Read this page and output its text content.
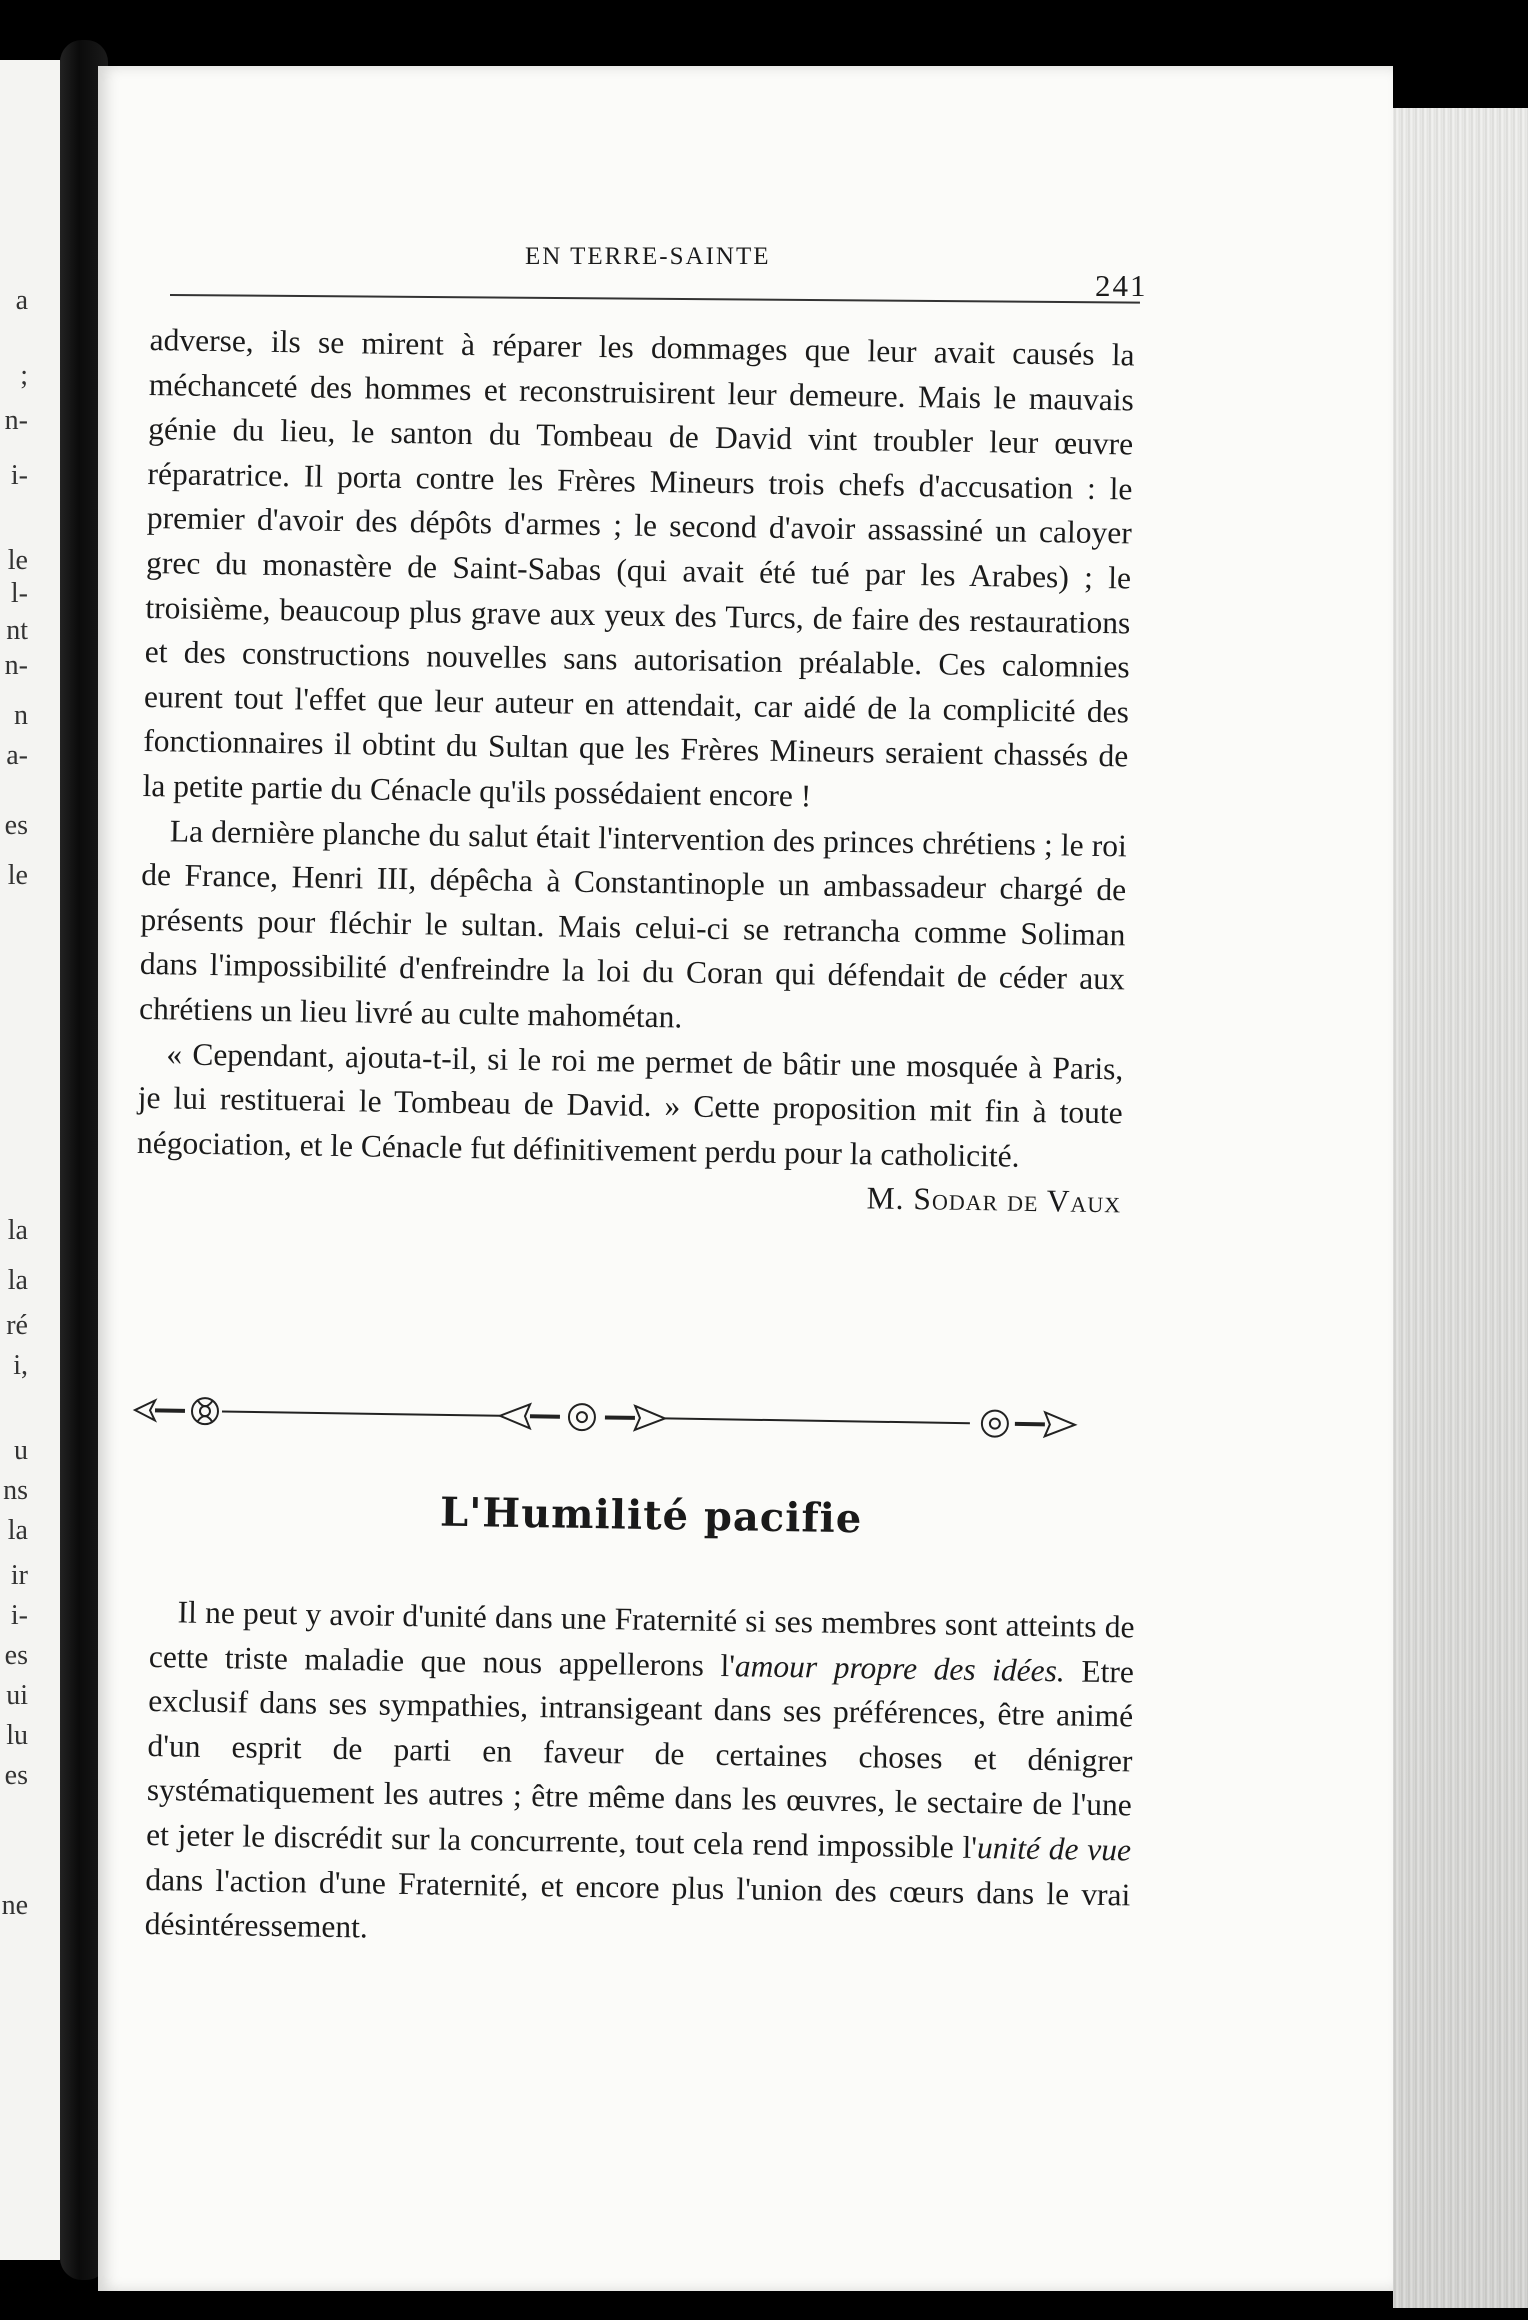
a
;
n-
i-
le
l-
nt
n-
n
a-
es
le
la
la
ré
i,
u
ns
la
ir
i-
es
ui
lu
es
ne
EN TERRE-SAINTE
241

adverse, ils se mirent à réparer les dommages que leur avait causés la méchanceté des hommes et reconstruisirent leur demeure. Mais le mauvais génie du lieu, le santon du Tombeau de David vint troubler leur œuvre réparatrice. Il porta contre les Frères Mineurs trois chefs d'accusation : le premier d'avoir des dépôts d'armes ; le second d'avoir assassiné un caloyer grec du monastère de Saint-Sabas (qui avait été tué par les Arabes) ; le troisième, beaucoup plus grave aux yeux des Turcs, de faire des restaurations et des constructions nouvelles sans autorisation préalable. Ces calomnies eurent tout l'effet que leur auteur en attendait, car aidé de la complicité des fonctionnaires il obtint du Sultan que les Frères Mineurs seraient chassés de la petite partie du Cénacle qu'ils possédaient encore !

La dernière planche du salut était l'intervention des princes chrétiens ; le roi de France, Henri III, dépêcha à Constantinople un ambassadeur chargé de présents pour fléchir le sultan. Mais celui-ci se retrancha comme Soliman dans l'impossibilité d'enfreindre la loi du Coran qui défendait de céder aux chrétiens un lieu livré au culte mahométan.

« Cependant, ajouta-t-il, si le roi me permet de bâtir une mosquée à Paris, je lui restituerai le Tombeau de David. » Cette proposition mit fin à toute négociation, et le Cénacle fut définitivement perdu pour la catholicité.

M. Sodar de Vaux
L'Humilité pacifie

Il ne peut y avoir d'unité dans une Fraternité si ses membres sont atteints de cette triste maladie que nous appellerons l'amour propre des idées. Etre exclusif dans ses sympathies, intransigeant dans ses préférences, être animé d'un esprit de parti en faveur de certaines choses et dénigrer systématiquement les autres ; être même dans les œuvres, le sectaire de l'une et jeter le discrédit sur la concurrente, tout cela rend impossible l'unité de vue dans l'action d'une Fraternité, et encore plus l'union des cœurs dans le vrai désintéressement.
